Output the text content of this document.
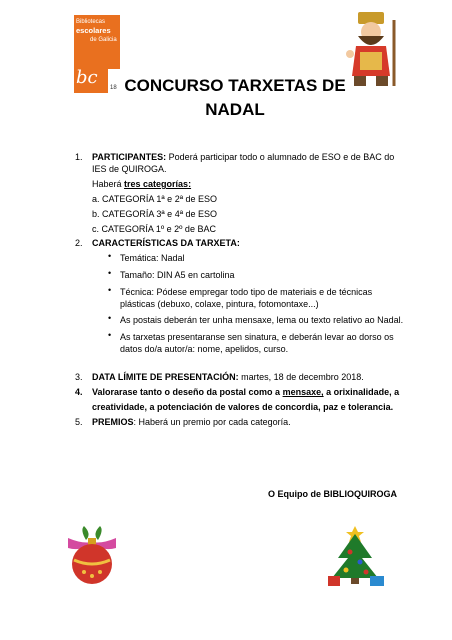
Bibliotecas
escolares
de Galicia
bc 18 CONCURSO TARXETAS DE
NADAL
1. PARTICIPANTES: Poderá participar todo o alumnado de ESO e de BAC do
IES de QUIROGA.
Haberá tres categorías:
a. CATEGORÍA 1ª e 2ª de ESO
b. CATEGORÍA 3ª e 4ª de ESO
c. CATEGORÍA 1º e 2º de BAC
2. CARACTERÍSTICAS DA TARXETA:
• Temática: Nadal
• Tamaño: DIN A5 en cartolina
• Técnica: Pódese empregar todo tipo de materiais e de técnicas
plásticas (debuxo, colaxe, pintura, fotomontaxe...)
• As postais deberán ter unha mensaxe, lema ou texto relativo ao Nadal.
• As tarxetas presentaranse sen sinatura, e deberán levar ao dorso os
datos do/a autor/a: nome, apelidos, curso.
3. DATA LÍMITE DE PRESENTACIÓN: martes, 18 de decembro 2018.
4. Valorarase tanto o deseño da postal como a mensaxe, a orixinalidade, a
creatividade, a potenciación de valores de concordia, paz e tolerancia.
5. PREMIOS: Haberá un premio por cada categoría.
O Equipo de BIBLIOQUIROGA
